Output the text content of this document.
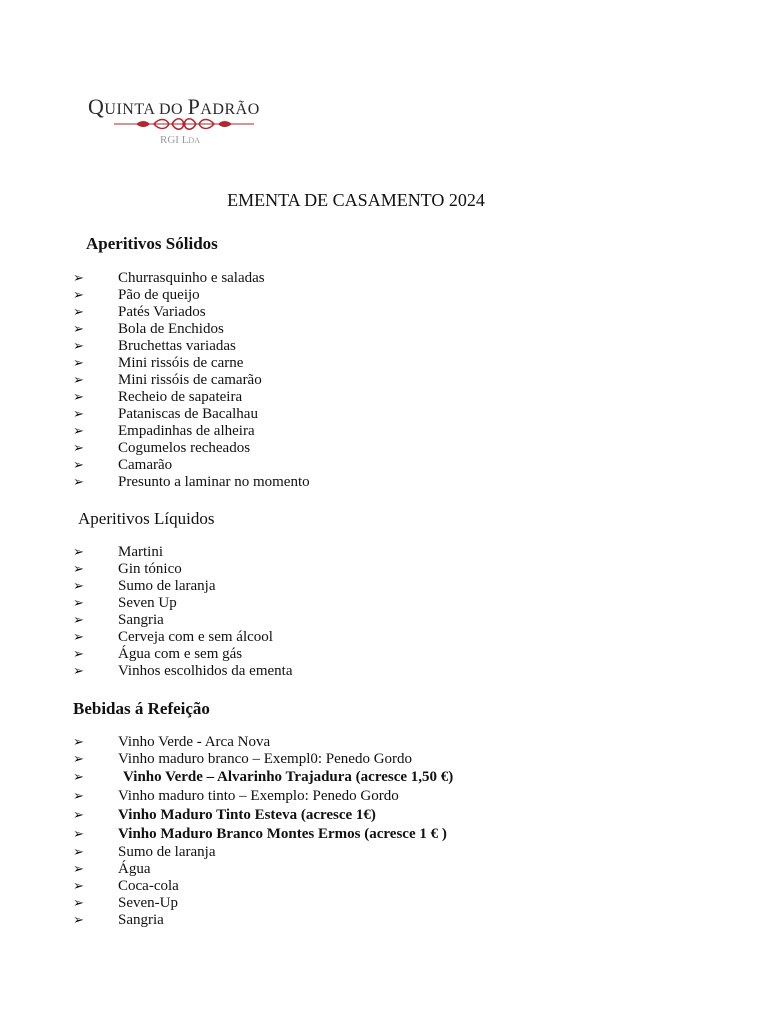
QUINTA DO PADRÃO
RGI LDA
EMENTA DE CASAMENTO 2024
Aperitivos Sólidos
➢ Churrasquinho e saladas
➢ Pão de queijo
➢ Patés Variados
➢ Bola de Enchidos
➢ Bruchettas variadas
➢ Mini rissóis de carne
➢ Mini rissóis de camarão
➢ Recheio de sapateira
➢ Pataniscas de Bacalhau
➢ Empadinhas de alheira
➢ Cogumelos recheados
➢ Camarão
➢ Presunto a laminar no momento
Aperitivos Líquidos
➢ Martini
➢ Gin tónico
➢ Sumo de laranja
➢ Seven Up
➢ Sangria
➢ Cerveja com e sem álcool
➢ Água com e sem gás
➢ Vinhos escolhidos da ementa
Bebidas á Refeição
➢ Vinho Verde - Arca Nova
➢ Vinho maduro branco – Exempl0: Penedo Gordo
➢	Vinho Verde – Alvarinho Trajadura (acresce 1,50 €)
➢ Vinho maduro tinto – Exemplo: Penedo Gordo
➢ Vinho Maduro Tinto Esteva (acresce 1€)
➢ Vinho Maduro Branco Montes Ermos (acresce 1 € )
➢ Sumo de laranja
➢ Água
➢ Coca-cola
➢ Seven-Up
➢ Sangria
